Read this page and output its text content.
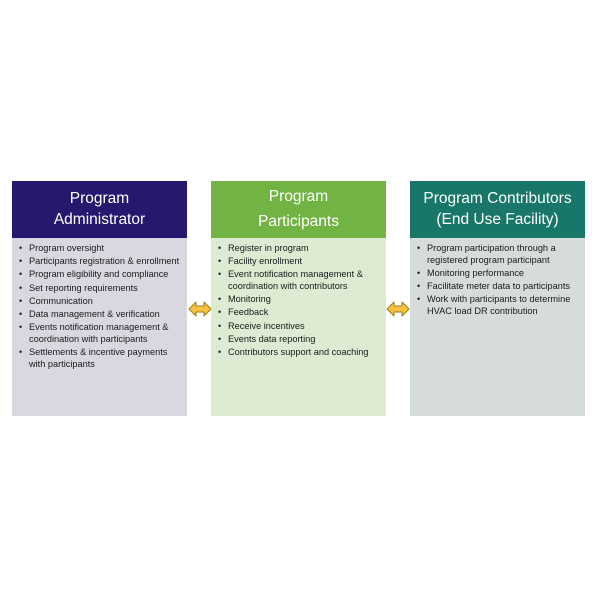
Program
Administrator
• Program oversight
• Participants registration & enrollment
• Program eligibility and compliance
• Set reporting requirements
• Communication
• Data management & verification
• Events notification management & coordination with participants
• Settlements & incentive payments with participants
Program
Participants
• Register in program
• Facility enrollment
• Event notification management & coordination with contributors
• Monitoring
• Feedback
• Receive incentives
• Events data reporting
• Contributors support and coaching
Program Contributors
(End Use Facility)
• Program participation through a registered program participant
• Monitoring performance
• Facilitate meter data to participants
• Work with participants to determine HVAC load DR contribution
